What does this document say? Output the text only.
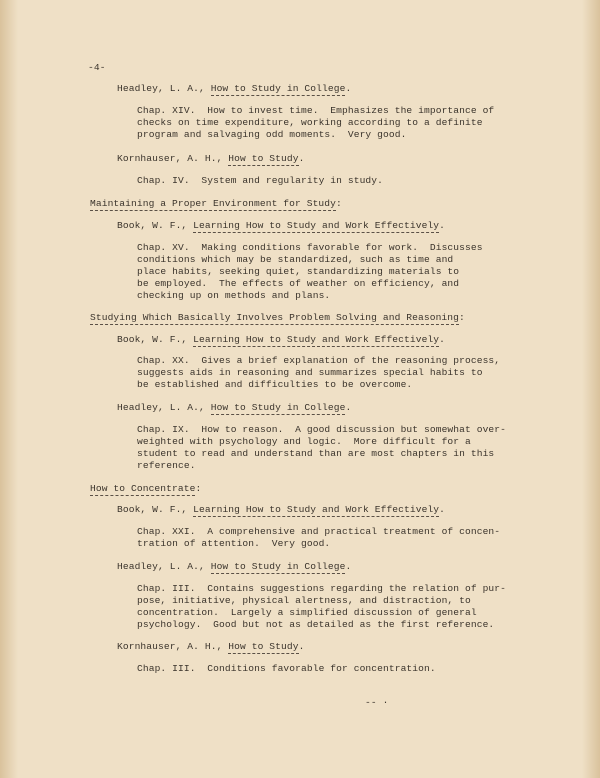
-4-
Headley, L. A., How to Study in College.
Chap. XIV.  How to invest time.  Emphasizes the importance of
checks on time expenditure, working according to a definite
program and salvaging odd moments.  Very good.
Kornhauser, A. H., How to Study.
Chap. IV.  System and regularity in study.
Maintaining a Proper Environment for Study:
Book, W. F., Learning How to Study and Work Effectively.
Chap. XV.  Making conditions favorable for work.  Discusses
conditions which may be standardized, such as time and
place habits, seeking quiet, standardizing materials to
be employed.  The effects of weather on efficiency, and
checking up on methods and plans.
Studying Which Basically Involves Problem Solving and Reasoning:
Book, W. F., Learning How to Study and Work Effectively.
Chap. XX.  Gives a brief explanation of the reasoning process,
suggests aids in reasoning and summarizes special habits to
be established and difficulties to be overcome.
Headley, L. A., How to Study in College.
Chap. IX.  How to reason.  A good discussion but somewhat over-
weighted with psychology and logic.  More difficult for a
student to read and understand than are most chapters in this
reference.
How to Concentrate:
Book, W. F., Learning How to Study and Work Effectively.
Chap. XXI.  A comprehensive and practical treatment of concen-
tration of attention.  Very good.
Headley, L. A., How to Study in College.
Chap. III.  Contains suggestions regarding the relation of pur-
pose, initiative, physical alertness, and distraction, to
concentration.  Largely a simplified discussion of general
psychology.  Good but not as detailed as the first reference.
Kornhauser, A. H., How to Study.
Chap. III.  Conditions favorable for concentration.
-- ·
